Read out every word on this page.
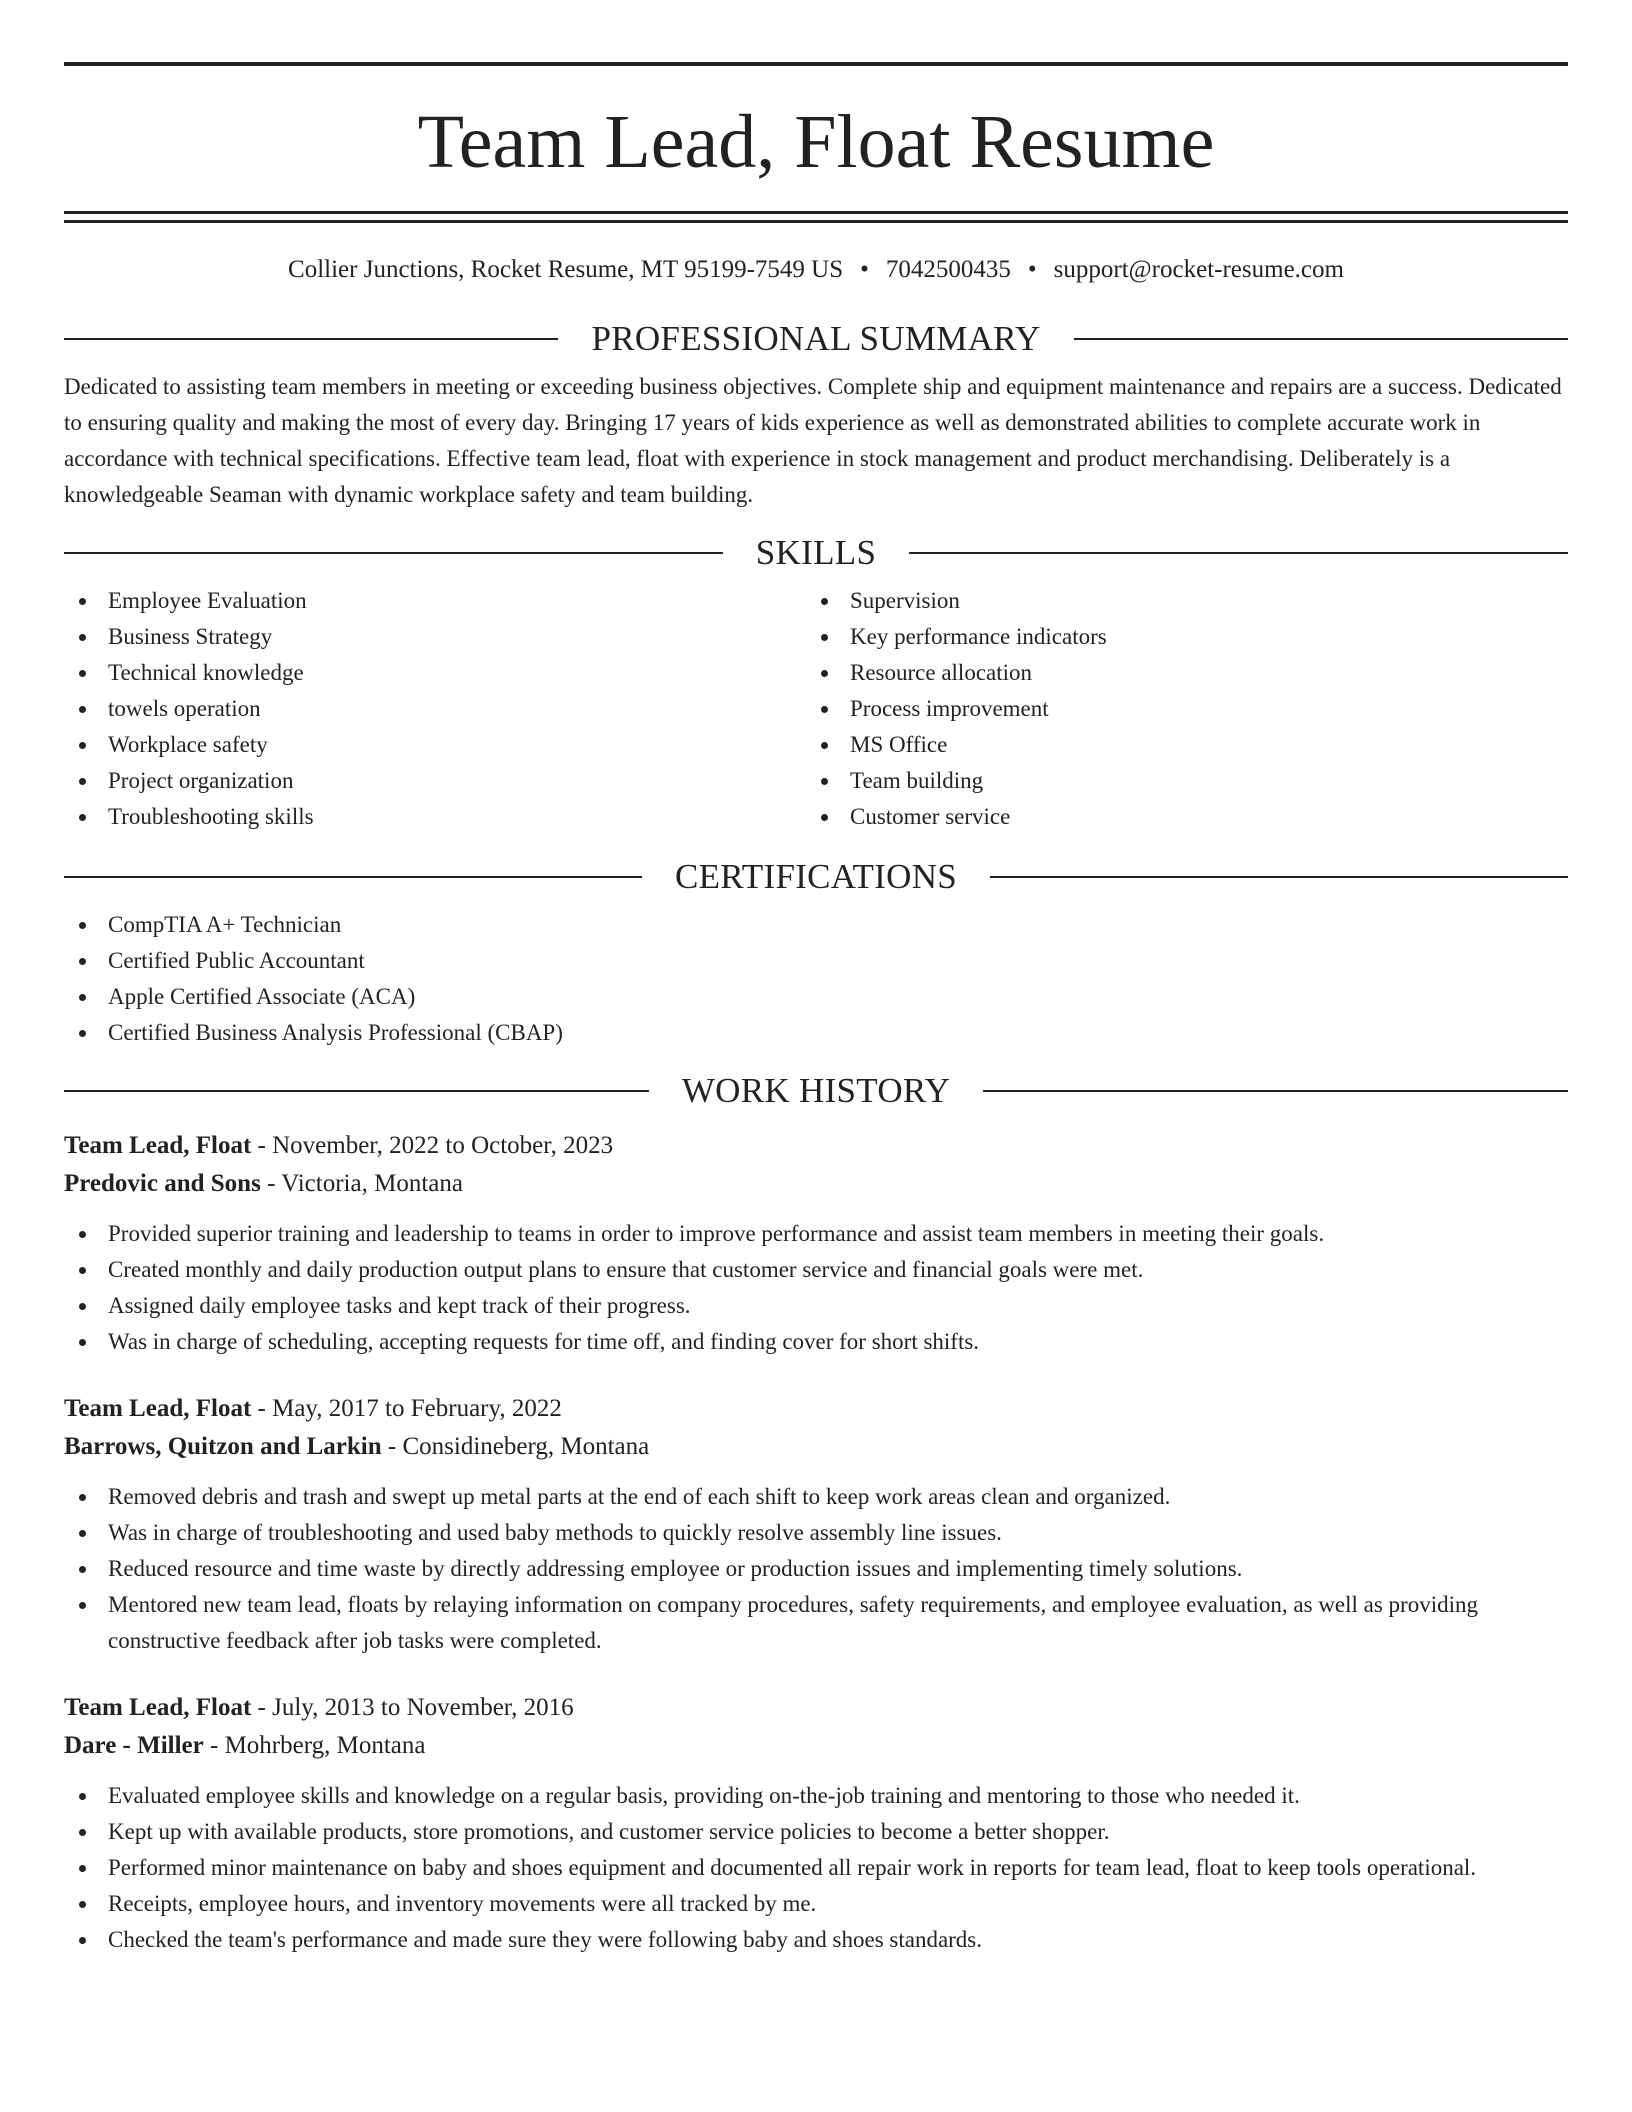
Team Lead, Float Resume
Collier Junctions, Rocket Resume, MT 95199-7549 US • 7042500435 • support@rocket-resume.com
PROFESSIONAL SUMMARY

Dedicated to assisting team members in meeting or exceeding business objectives. Complete ship and equipment maintenance and repairs are a success. Dedicated to ensuring quality and making the most of every day. Bringing 17 years of kids experience as well as demonstrated abilities to complete accurate work in accordance with technical specifications. Effective team lead, float with experience in stock management and product merchandising. Deliberately is a knowledgeable Seaman with dynamic workplace safety and team building.

SKILLS
Employee Evaluation
Business Strategy
Technical knowledge
towels operation
Workplace safety
Project organization
Troubleshooting skills
Supervision
Key performance indicators
Resource allocation
Process improvement
MS Office
Team building
Customer service
CERTIFICATIONS
CompTIA A+ Technician
Certified Public Accountant
Apple Certified Associate (ACA)
Certified Business Analysis Professional (CBAP)
WORK HISTORY
Team Lead, Float - November, 2022 to October, 2023
Predovic and Sons - Victoria, Montana
Provided superior training and leadership to teams in order to improve performance and assist team members in meeting their goals.
Created monthly and daily production output plans to ensure that customer service and financial goals were met.
Assigned daily employee tasks and kept track of their progress.
Was in charge of scheduling, accepting requests for time off, and finding cover for short shifts.
Team Lead, Float - May, 2017 to February, 2022
Barrows, Quitzon and Larkin - Considineberg, Montana
Removed debris and trash and swept up metal parts at the end of each shift to keep work areas clean and organized.
Was in charge of troubleshooting and used baby methods to quickly resolve assembly line issues.
Reduced resource and time waste by directly addressing employee or production issues and implementing timely solutions.
Mentored new team lead, floats by relaying information on company procedures, safety requirements, and employee evaluation, as well as providing constructive feedback after job tasks were completed.
Team Lead, Float - July, 2013 to November, 2016
Dare - Miller - Mohrberg, Montana
Evaluated employee skills and knowledge on a regular basis, providing on-the-job training and mentoring to those who needed it.
Kept up with available products, store promotions, and customer service policies to become a better shopper.
Performed minor maintenance on baby and shoes equipment and documented all repair work in reports for team lead, float to keep tools operational.
Receipts, employee hours, and inventory movements were all tracked by me.
Checked the team's performance and made sure they were following baby and shoes standards.
